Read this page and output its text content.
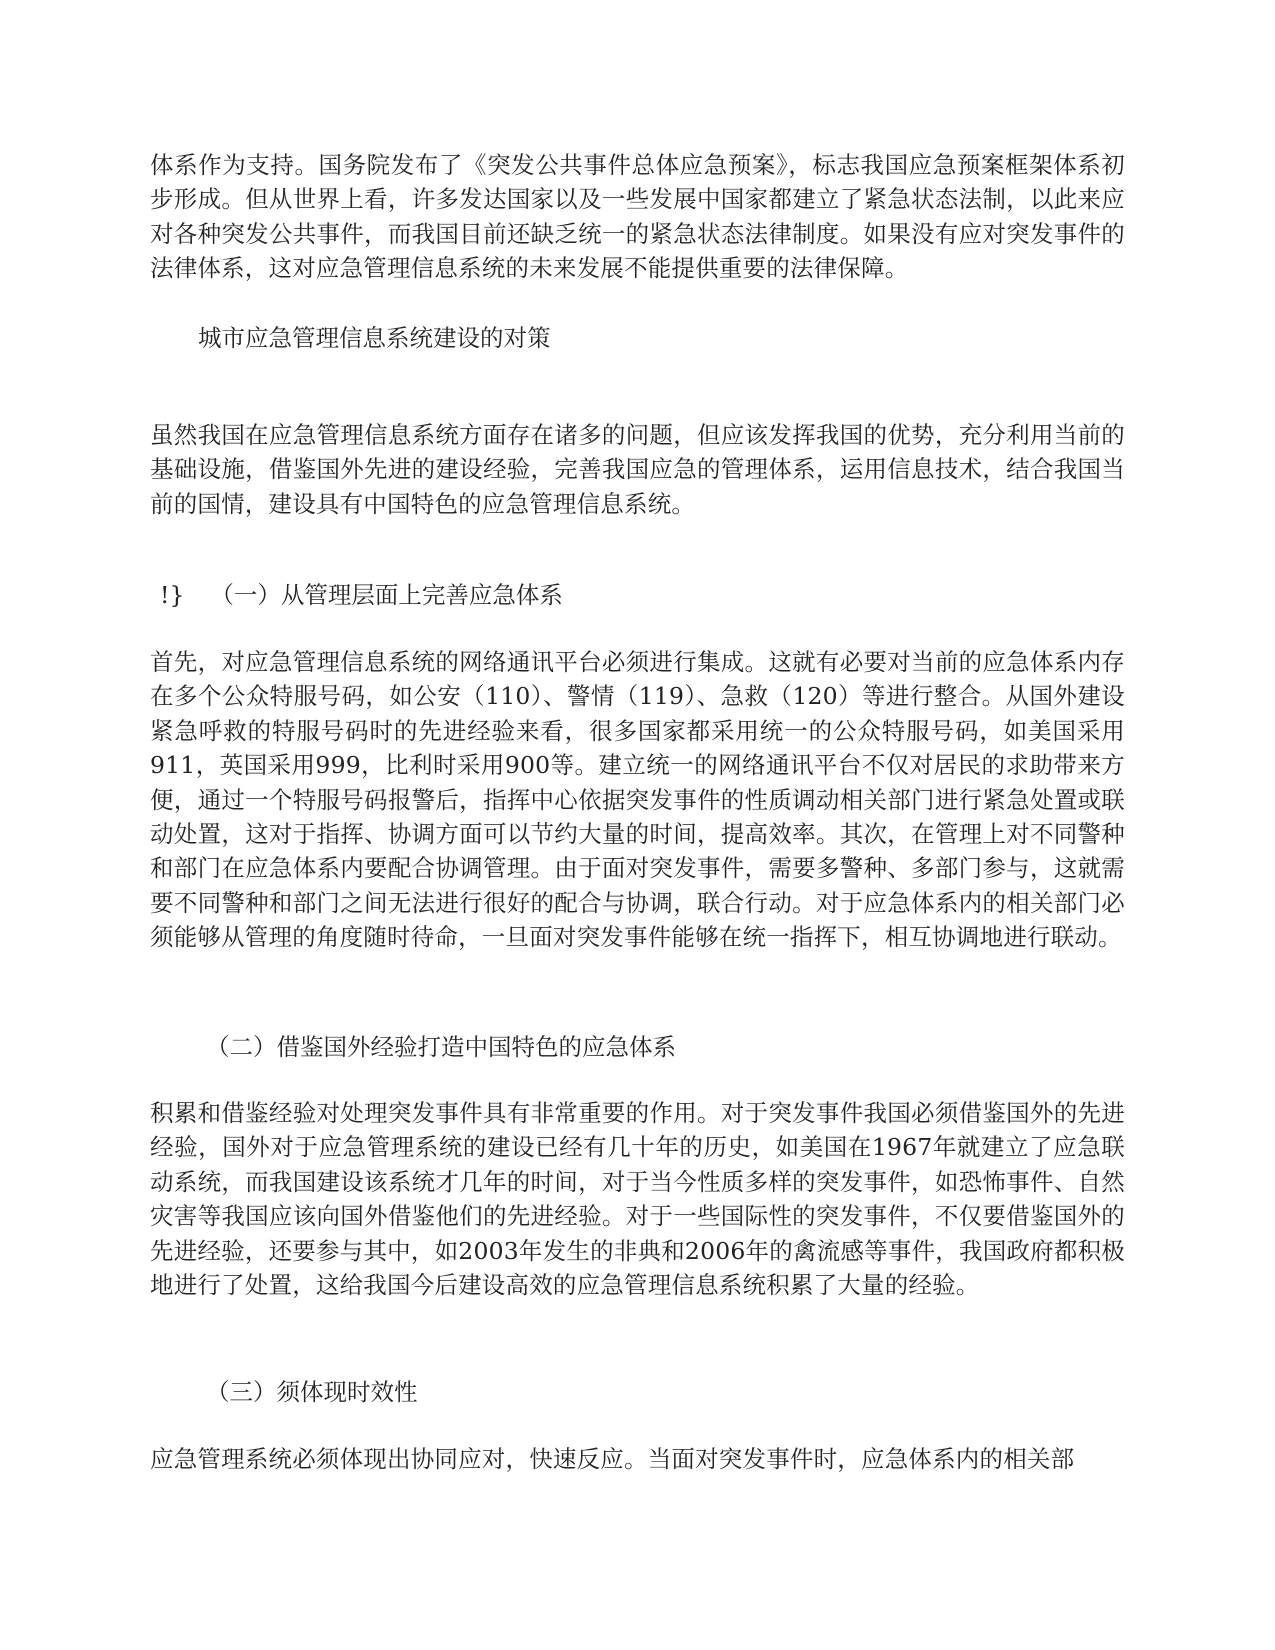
体系作为支持。国务院发布了《突发公共事件总体应急预案》，标志我国应急预案框架体系初步形成。但从世界上看，许多发达国家以及一些发展中国家都建立了紧急状态法制，以此来应对各种突发公共事件，而我国目前还缺乏统一的紧急状态法律制度。如果没有应对突发事件的法律体系，这对应急管理信息系统的未来发展不能提供重要的法律保障。
城市应急管理信息系统建设的对策
虽然我国在应急管理信息系统方面存在诸多的问题，但应该发挥我国的优势，充分利用当前的基础设施，借鉴国外先进的建设经验，完善我国应急的管理体系，运用信息技术，结合我国当前的国情，建设具有中国特色的应急管理信息系统。
!} （一）从管理层面上完善应急体系
首先，对应急管理信息系统的网络通讯平台必须进行集成。这就有必要对当前的应急体系内存在多个公众特服号码，如公安（110）、警情（119）、急救（120）等进行整合。从国外建设紧急呼救的特服号码时的先进经验来看，很多国家都采用统一的公众特服号码，如美国采用911，英国采用999，比利时采用900等。建立统一的网络通讯平台不仅对居民的求助带来方便，通过一个特服号码报警后，指挥中心依据突发事件的性质调动相关部门进行紧急处置或联动处置，这对于指挥、协调方面可以节约大量的时间，提高效率。其次，在管理上对不同警种和部门在应急体系内要配合协调管理。由于面对突发事件，需要多警种、多部门参与，这就需要不同警种和部门之间无法进行很好的配合与协调，联合行动。对于应急体系内的相关部门必须能够从管理的角度随时待命，一旦面对突发事件能够在统一指挥下，相互协调地进行联动。
（二）借鉴国外经验打造中国特色的应急体系
积累和借鉴经验对处理突发事件具有非常重要的作用。对于突发事件我国必须借鉴国外的先进经验，国外对于应急管理系统的建设已经有几十年的历史，如美国在1967年就建立了应急联动系统，而我国建设该系统才几年的时间，对于当今性质多样的突发事件，如恐怖事件、自然灾害等我国应该向国外借鉴他们的先进经验。对于一些国际性的突发事件，不仅要借鉴国外的先进经验，还要参与其中，如2003年发生的非典和2006年的禽流感等事件，我国政府都积极地进行了处置，这给我国今后建设高效的应急管理信息系统积累了大量的经验。
（三）须体现时效性
应急管理系统必须体现出协同应对，快速反应。当面对突发事件时，应急体系内的相关部
